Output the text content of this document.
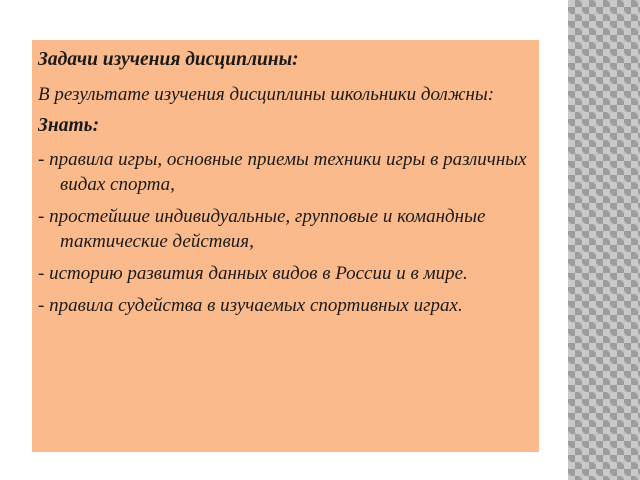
Задачи изучения дисциплины:
В результате изучения дисциплины школьники должны:
Знать:
- правила игры, основные приемы техники игры в различных видах спорта,
- простейшие индивидуальные, групповые и командные тактические действия,
- историю развития данных видов в России и в мире.
- правила судейства в изучаемых спортивных играх.
